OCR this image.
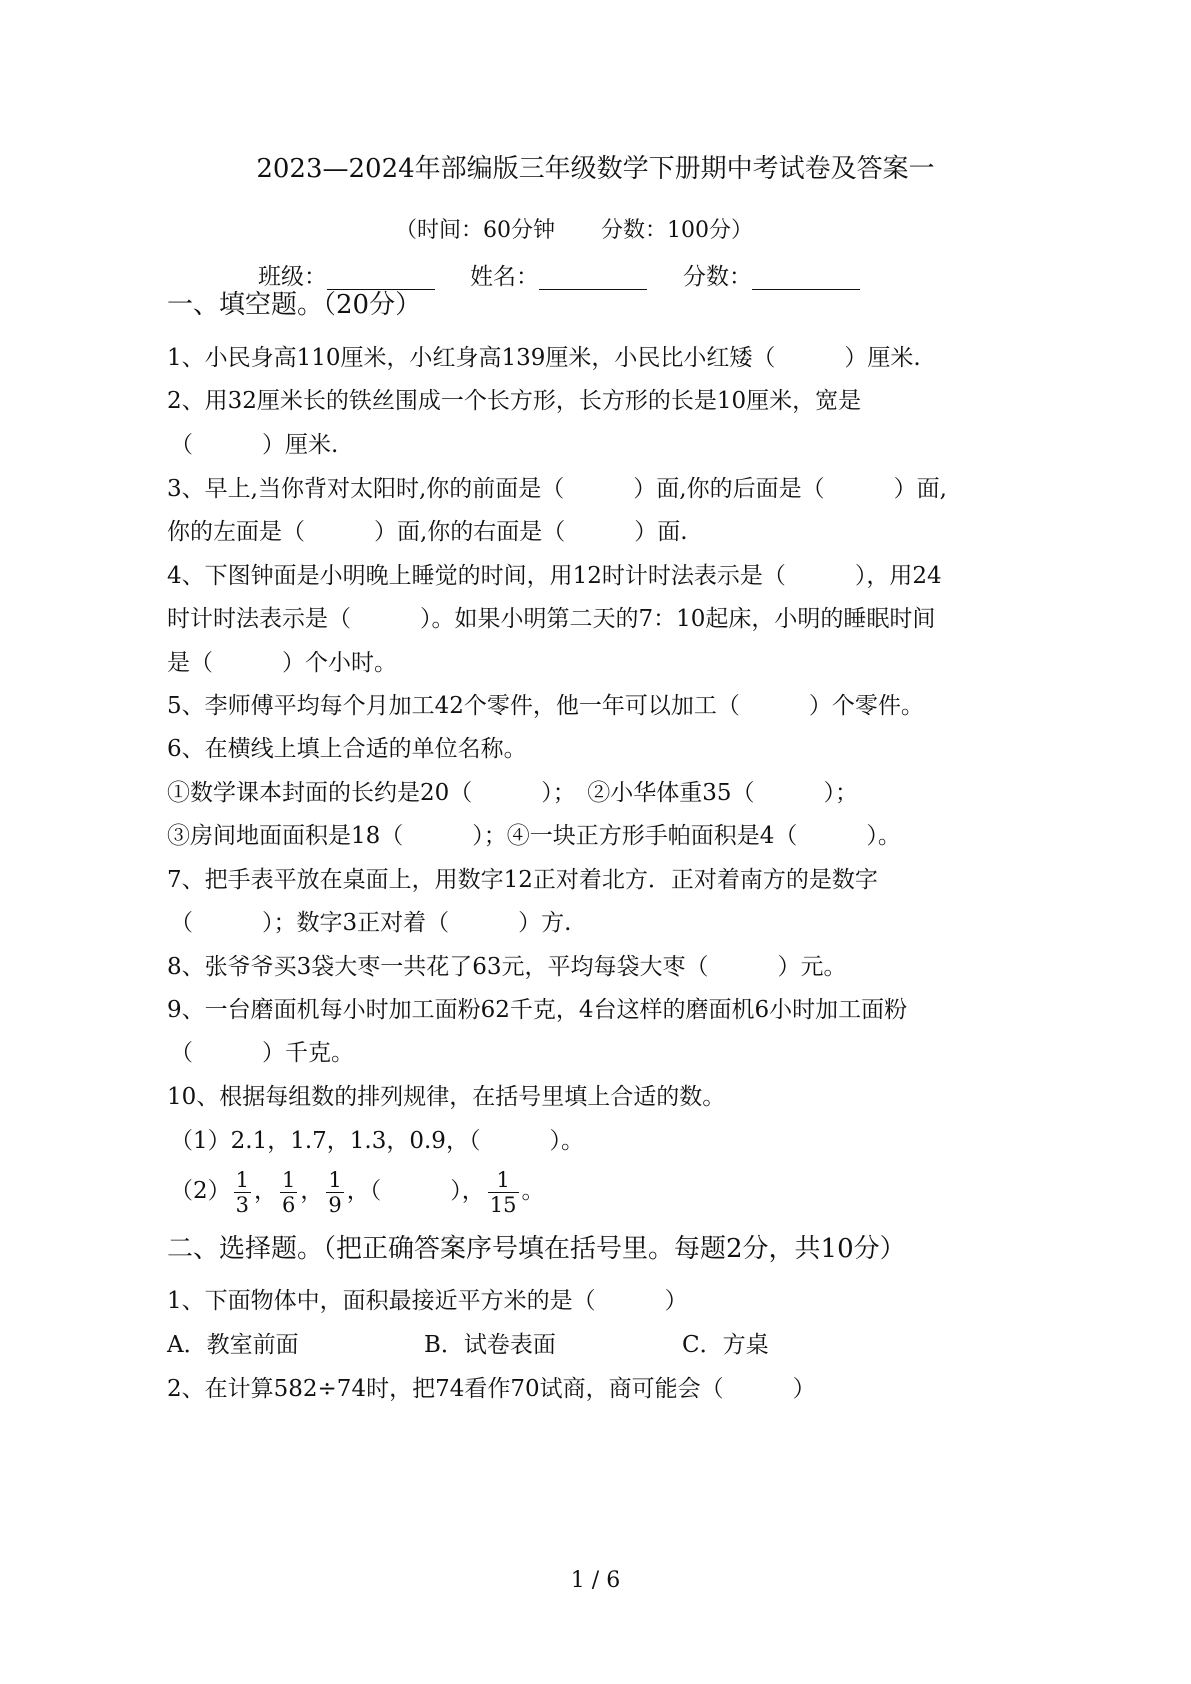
2023—2024年部编版三年级数学下册期中考试卷及答案一
（时间：60分钟 分数：100分）
班级：	姓名：	分数：
一、填空题。（20分）
1、小民身高110厘米，小红身高139厘米，小民比小红矮（　　　）厘米.
2、用32厘米长的铁丝围成一个长方形，长方形的长是10厘米，宽是
（　　　）厘米.
3、早上,当你背对太阳时,你的前面是（　　　）面,你的后面是（　　　）面,
你的左面是（　　　）面,你的右面是（　　　）面.
4、下图钟面是小明晚上睡觉的时间，用12时计时法表示是（　　　），用24
时计时法表示是（　　　）。如果小明第二天的7：10起床，小明的睡眠时间
是（　　　）个小时。
5、李师傅平均每个月加工42个零件，他一年可以加工（　　　）个零件。
6、在横线上填上合适的单位名称。
①数学课本封面的长约是20（　　　）；　②小华体重35（　　　）；
③房间地面面积是18（　　　）；④一块正方形手帕面积是4（　　　）。
7、把手表平放在桌面上，用数字12正对着北方．正对着南方的是数字
（　　　）；数字3正对着（　　　）方.
8、张爷爷买3袋大枣一共花了63元，平均每袋大枣（　　　）元。
9、一台磨面机每小时加工面粉62千克，4台这样的磨面机6小时加工面粉
（　　　）千克。
10、根据每组数的排列规律，在括号里填上合适的数。
（1）2.1，1.7，1.3，0.9，（　　　）。
$(2) \frac{1}{3}$ ， $\frac{1}{6}$ ， $\frac{1}{9}$ ，（　　　）， $\frac{1}{15}$ 。
二、选择题。（把正确答案序号填在括号里。每题2分，共10分）
1、下面物体中，面积最接近平方米的是（　　　）
A．教室前面	B．试卷表面	C．方桌
2、在计算582÷74时，把74看作70试商，商可能会（　　　）
1 / 6
